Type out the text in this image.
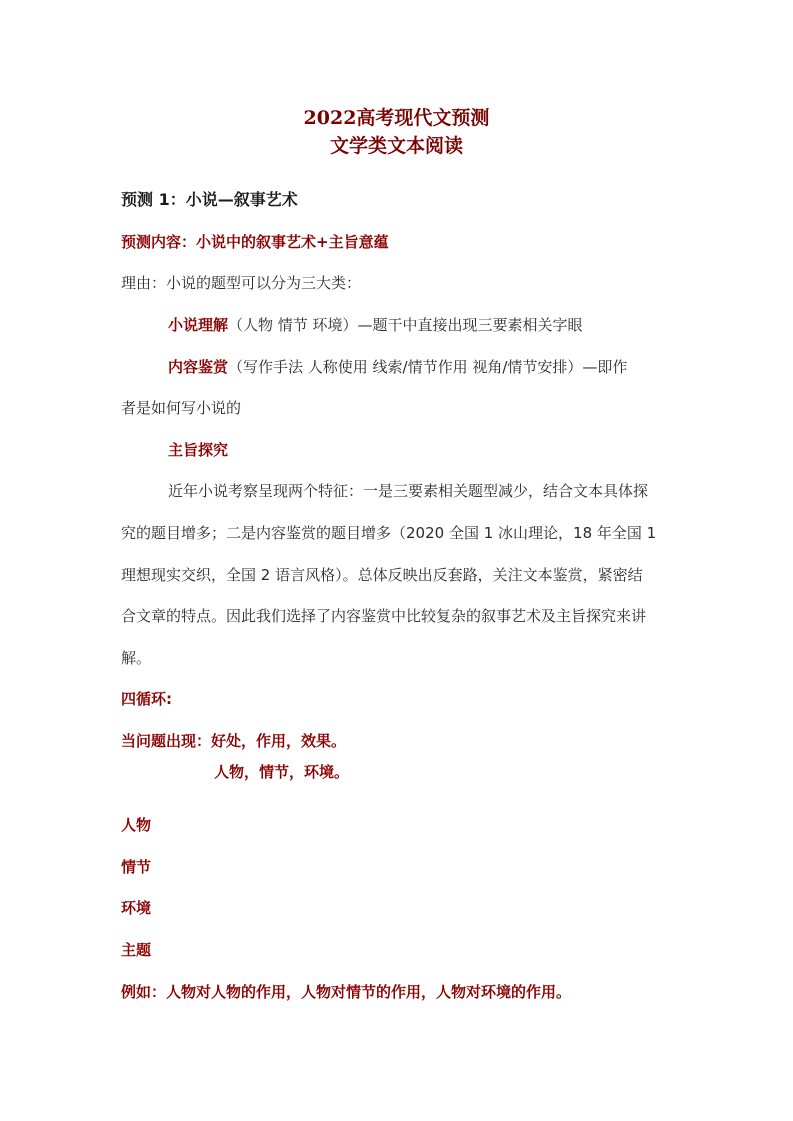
2022高考现代文预测
文学类文本阅读
预测 1：小说—叙事艺术
预测内容：小说中的叙事艺术+主旨意蕴
理由：小说的题型可以分为三大类：
小说理解（人物 情节 环境）—题干中直接出现三要素相关字眼
内容鉴赏（写作手法 人称使用 线索/情节作用 视角/情节安排）—即作
者是如何写小说的
主旨探究
近年小说考察呈现两个特征：一是三要素相关题型减少，结合文本具体探
究的题目增多；二是内容鉴赏的题目增多（2020 全国 1 冰山理论，18 年全国 1
理想现实交织，全国 2 语言风格）。总体反映出反套路，关注文本鉴赏，紧密结
合文章的特点。因此我们选择了内容鉴赏中比较复杂的叙事艺术及主旨探究来讲
解。
四循环:
当问题出现：好处，作用，效果。
人物，情节，环境。
人物
情节
环境
主题
例如：人物对人物的作用，人物对情节的作用，人物对环境的作用。
